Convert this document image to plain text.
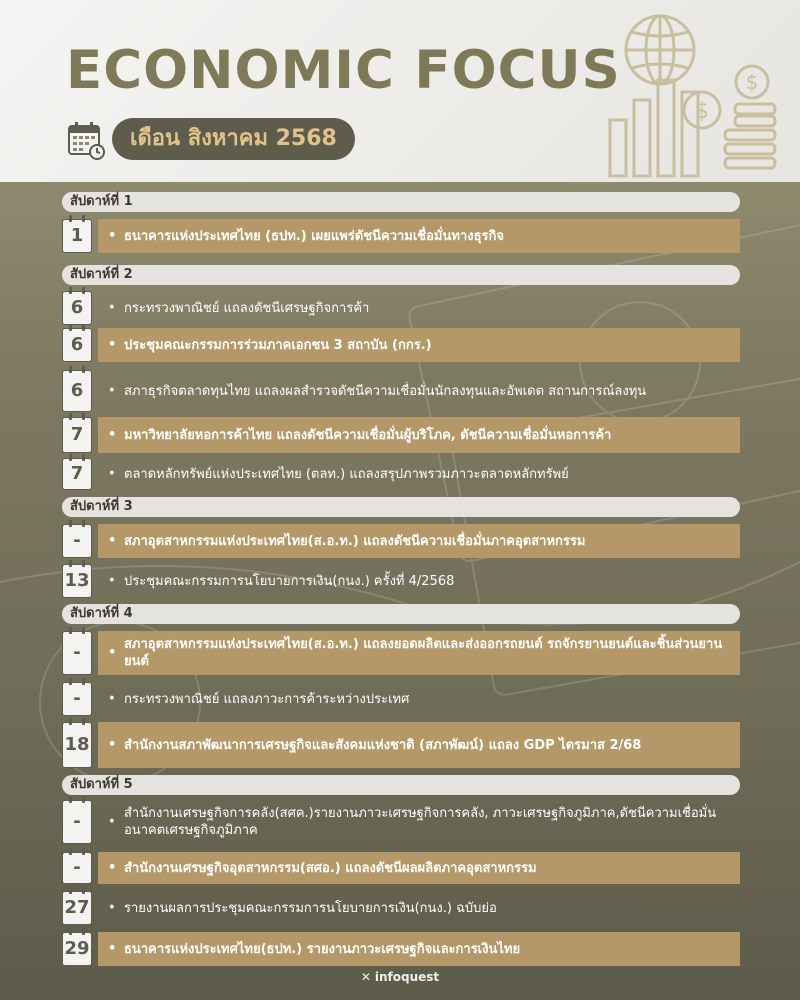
ECONOMIC FOCUS
เดือน สิงหาคม 2568
$
$
สัปดาห์ที่ 1
1	• ธนาคารแห่งประเทศไทย (ธปท.) เผยแพร่ดัชนีความเชื่อมั่นทางธุรกิจ
สัปดาห์ที่ 2
6	• กระทรวงพาณิชย์ แถลงดัชนีเศรษฐกิจการค้า
6	• ประชุมคณะกรรมการร่วมภาคเอกชน 3 สถาบัน (กกร.)
6	• สภาธุรกิจตลาดทุนไทย แถลงผลสำรวจดัชนีความเชื่อมั่นนักลงทุนและอัพเดต สถานการณ์ลงทุน
7	• มหาวิทยาลัยหอการค้าไทย แถลงดัชนีความเชื่อมั่นผู้บริโภค, ดัชนีความเชื่อมั่นหอการค้า
7	• ตลาดหลักทรัพย์แห่งประเทศไทย (ตลท.) แถลงสรุปภาพรวมภาวะตลาดหลักทรัพย์
สัปดาห์ที่ 3
-	• สภาอุตสาหกรรมแห่งประเทศไทย(ส.อ.ท.) แถลงดัชนีความเชื่อมั่นภาคอุตสาหกรรม
13	• ประชุมคณะกรรมการนโยบายการเงิน(กนง.) ครั้งที่ 4/2568
สัปดาห์ที่ 4
-	• สภาอุตสาหกรรมแห่งประเทศไทย(ส.อ.ท.) แถลงยอดผลิตและส่งออกรถยนต์ รถจักรยานยนต์และชิ้นส่วนยานยนต์
-	• กระทรวงพาณิชย์ แถลงภาวะการค้าระหว่างประเทศ
18	• สำนักงานสภาพัฒนาการเศรษฐกิจและสังคมแห่งชาติ (สภาพัฒน์) แถลง GDP ไตรมาส 2/68
สัปดาห์ที่ 5
-	• สำนักงานเศรษฐกิจการคลัง(สศค.)รายงานภาวะเศรษฐกิจการคลัง, ภาวะเศรษฐกิจภูมิภาค,ดัชนีความเชื่อมั่นอนาคตเศรษฐกิจภูมิภาค
-	• สำนักงานเศรษฐกิจอุตสาหกรรม(สศอ.) แถลงดัชนีผลผลิตภาคอุตสาหกรรม
27	• รายงานผลการประชุมคณะกรรมการนโยบายการเงิน(กนง.) ฉบับย่อ
29	• ธนาคารแห่งประเทศไทย(ธปท.) รายงานภาวะเศรษฐกิจและการเงินไทย
✕ infoquest
